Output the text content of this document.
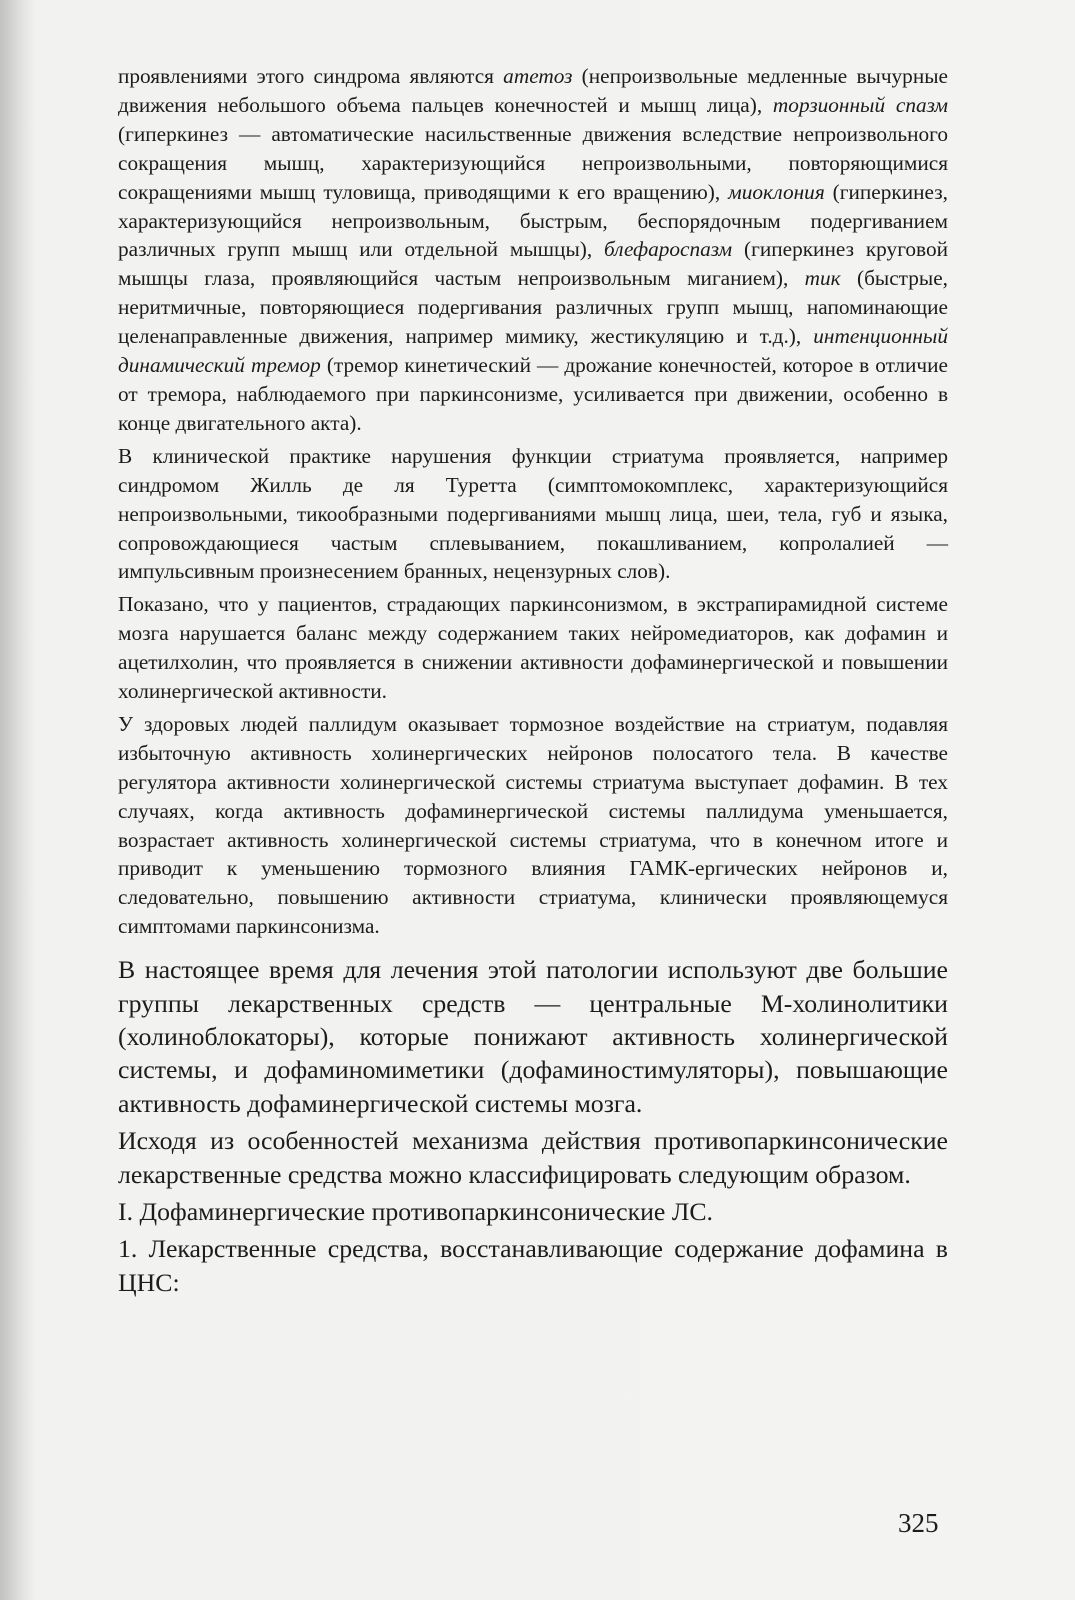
проявлениями этого синдрома являются атетоз (непроизвольные медленные вычурные движения небольшого объема пальцев конечностей и мышц лица), торзионный спазм (гиперкинез — автоматические насильственные движения вследствие непроизвольного сокращения мышц, характеризующийся непроизвольными, повторяющимися сокращениями мышц туловища, приводящими к его вращению), миоклония (гиперкинез, характеризующийся непроизвольным, быстрым, беспорядочным подергиванием различных групп мышц или отдельной мышцы), блефароспазм (гиперкинез круговой мышцы глаза, проявляющийся частым непроизвольным миганием), тик (быстрые, неритмичные, повторяющиеся подергивания различных групп мышц, напоминающие целенаправленные движения, например мимику, жестикуляцию и т.д.), интенционный динамический тремор (тремор кинетический — дрожание конечностей, которое в отличие от тремора, наблюдаемого при паркинсонизме, усиливается при движении, особенно в конце двигательного акта).

В клинической практике нарушения функции стриатума проявляется, например синдромом Жилль де ля Туретта (симптомокомплекс, характеризующийся непроизвольными, тикообразными подергиваниями мышц лица, шеи, тела, губ и языка, сопровождающиеся частым сплевыванием, покашливанием, копролалией — импульсивным произнесением бранных, нецензурных слов).

Показано, что у пациентов, страдающих паркинсонизмом, в экстрапирамидной системе мозга нарушается баланс между содержанием таких нейромедиаторов, как дофамин и ацетилхолин, что проявляется в снижении активности дофаминергической и повышении холинергической активности.

У здоровых людей паллидум оказывает тормозное воздействие на стриатум, подавляя избыточную активность холинергических нейронов полосатого тела. В качестве регулятора активности холинергической системы стриатума выступает дофамин. В тех случаях, когда активность дофаминергической системы паллидума уменьшается, возрастает активность холинергической системы стриатума, что в конечном итоге и приводит к уменьшению тормозного влияния ГАМК-ергических нейронов и, следовательно, повышению активности стриатума, клинически проявляющемуся симптомами паркинсонизма.

В настоящее время для лечения этой патологии используют две большие группы лекарственных средств — центральные М-холинолитики (холиноблокаторы), которые понижают активность холинергической системы, и дофаминомиметики (дофаминостимуляторы), повышающие активность дофаминергической системы мозга.

Исходя из особенностей механизма действия противопаркинсонические лекарственные средства можно классифицировать следующим образом.

I. Дофаминергические противопаркинсонические ЛС.

1. Лекарственные средства, восстанавливающие содержание дофамина в ЦНС:

325
